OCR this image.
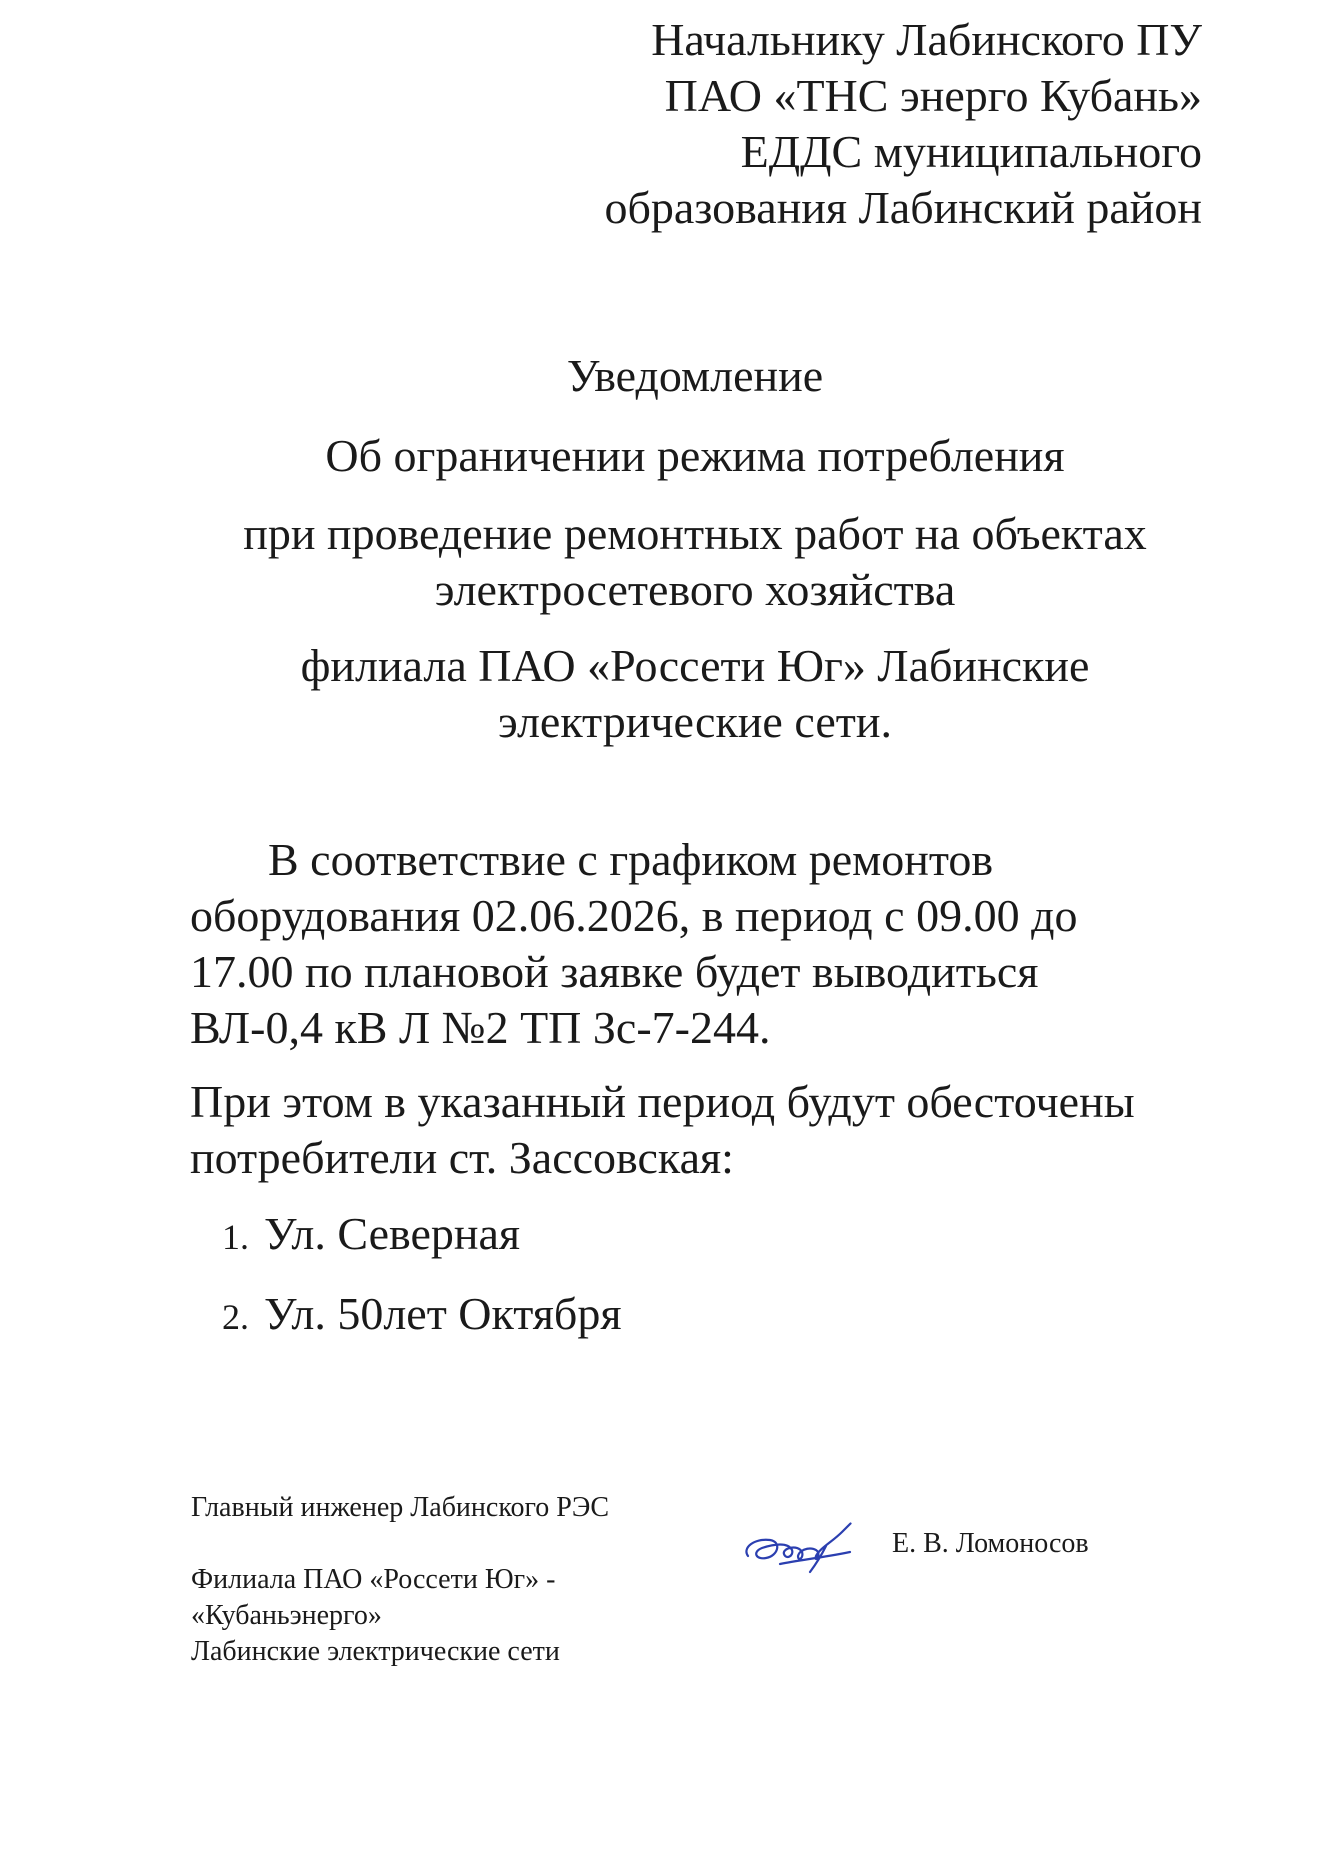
Начальнику Лабинского ПУ
ПАО «ТНС энерго Кубань»
ЕДДС муниципального
образования Лабинский район
Уведомление
Об ограничении режима потребления
при проведение ремонтных работ на объектах
электросетевого хозяйства
филиала ПАО «Россети Юг» Лабинские
электрические сети.
В соответствие с графиком ремонтов
оборудования 02.06.2026, в период с 09.00 до
17.00 по плановой заявке будет выводиться
ВЛ-0,4 кВ Л №2 ТП Зс-7-244.
При этом в указанный период будут обесточены
потребители ст. Зассовская:
1. Ул. Северная
2. Ул. 50лет Октября
Главный инженер Лабинского РЭС
Филиала ПАО «Россети Юг» -
«Кубаньэнерго»
Лабинские электрические сети
Е. В. Ломоносов
